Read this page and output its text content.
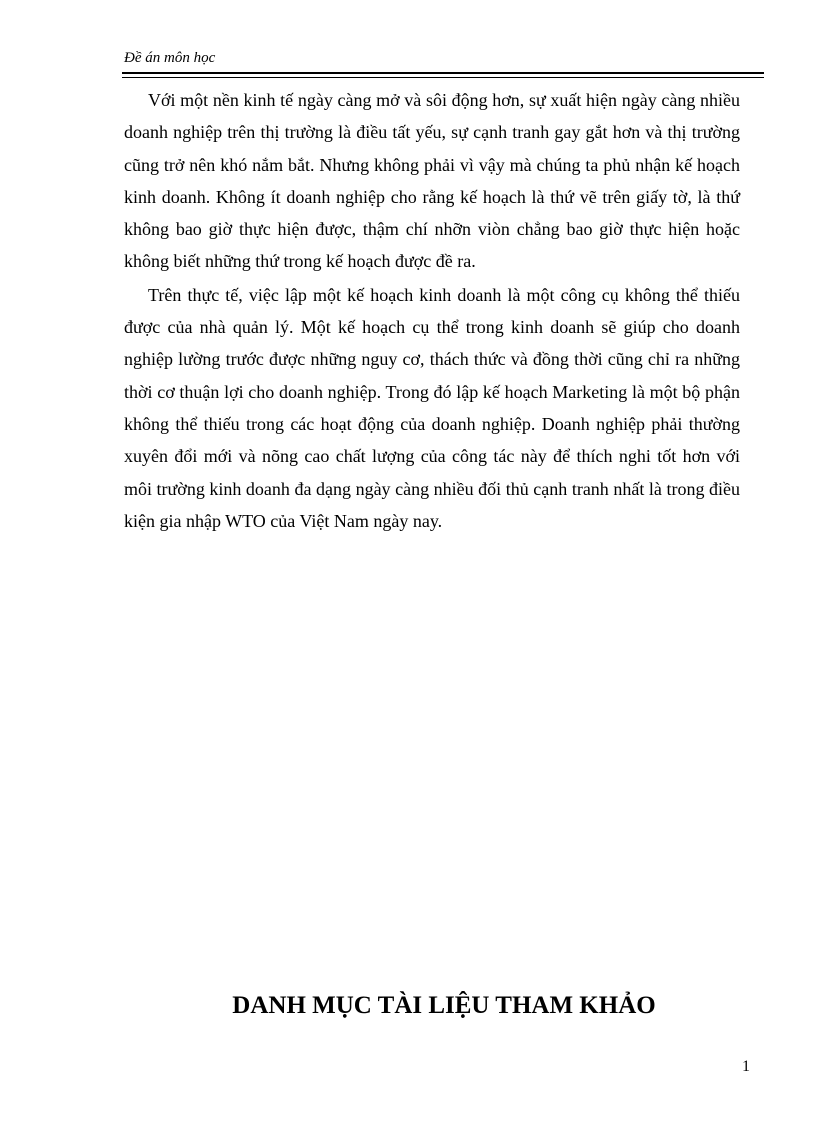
Đề án môn học

Với một nền kinh tế ngày càng mở và sôi động hơn, sự xuất hiện ngày càng nhiều doanh nghiệp trên thị trường là điều tất yếu, sự cạnh tranh gay gắt hơn và thị trường cũng trở nên khó nắm bắt. Nhưng không phải vì vậy mà chúng ta phủ nhận kế hoạch kinh doanh. Không ít doanh nghiệp cho rằng kế hoạch là thứ vẽ trên giấy tờ, là thứ không bao giờ thực hiện được, thậm chí nhỡn viòn chẳng bao giờ thực hiện hoặc không biết những thứ trong kế hoạch được đề ra.

Trên thực tế, việc lập một kế hoạch kinh doanh là một công cụ không thể thiếu được của nhà quản lý. Một kế hoạch cụ thể trong kinh doanh sẽ giúp cho doanh nghiệp lường trước được những nguy cơ, thách thức và đồng thời cũng chỉ ra những thời cơ thuận lợi cho doanh nghiệp. Trong đó lập kế hoạch Marketing là một bộ phận không thể thiếu trong các hoạt động của doanh nghiệp. Doanh nghiệp phải thường xuyên đổi mới và nõng cao chất lượng của công tác này để thích nghi tốt hơn với môi trường kinh doanh đa dạng ngày càng nhiều đối thủ cạnh tranh nhất là trong điều kiện gia nhập WTO của Việt Nam ngày nay.

DANH MỤC TÀI LIỆU THAM KHẢO
1
